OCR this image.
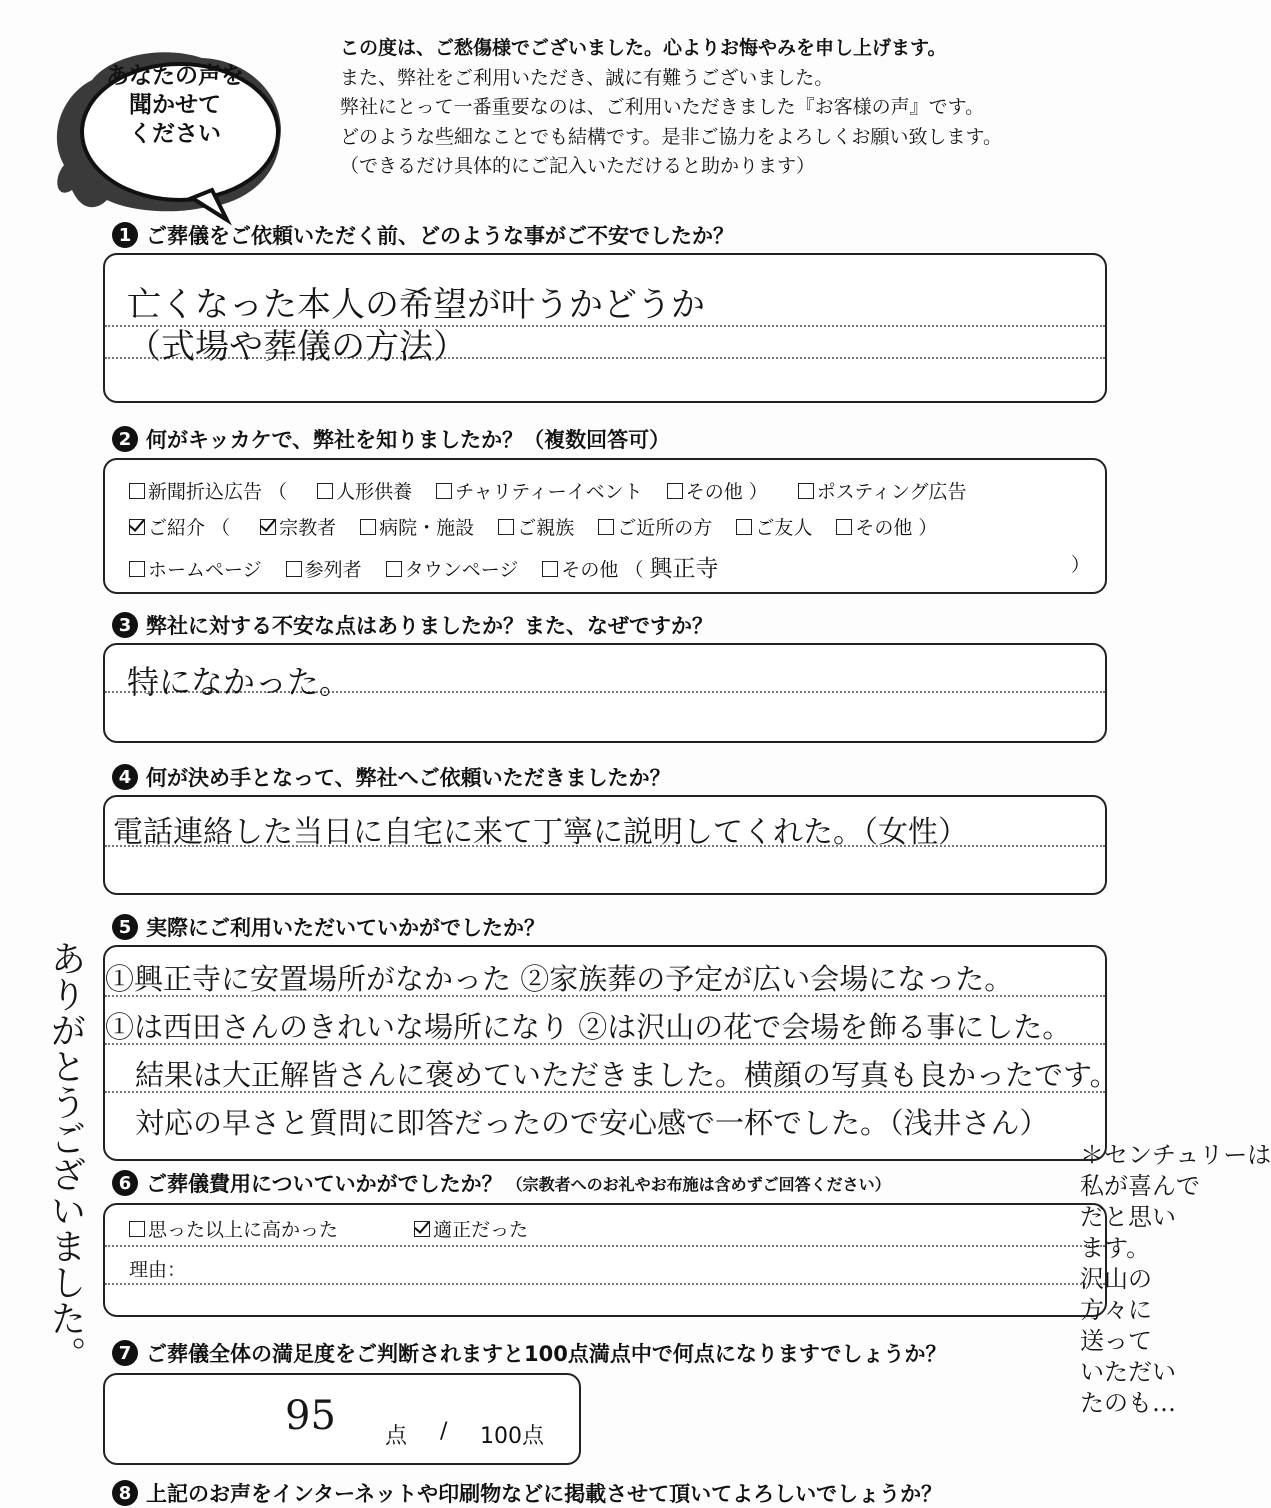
あなたの声を
聞かせて
ください
この度は、ご愁傷様でございました。心よりお悔やみを申し上げます。
また、弊社をご利用いただき、誠に有難うございました。
弊社にとって一番重要なのは、ご利用いただきました『お客様の声』です。
どのような些細なことでも結構です。是非ご協力をよろしくお願い致します。
（できるだけ具体的にご記入いただけると助かります）
1 ご葬儀をご依頼いただく前、どのような事がご不安でしたか？
亡くなった本人の希望が叶うかどうか
（式場や葬儀の方法）
2 何がキッカケで、弊社を知りましたか？（複数回答可）
新聞折込広告 （	人形供養 チャリティーイベント その他 ）	ポスティング広告
ご紹介 （	宗教者 病院・施設 ご親族 ご近所の方 ご友人 その他 ）
ホームページ 参列者 タウンページ その他 （ 興正寺	）
3 弊社に対する不安な点はありましたか？また、なぜですか？
特になかった。
4 何が決め手となって、弊社へご依頼いただきましたか？
電話連絡した当日に自宅に来て丁寧に説明してくれた。（女性）
5 実際にご利用いただいていかがでしたか？
①興正寺に安置場所がなかった ②家族葬の予定が広い会場になった。
①は西田さんのきれいな場所になり ②は沢山の花で会場を飾る事にした。
結果は大正解皆さんに褒めていただきました。横顔の写真も良かったです。
対応の早さと質問に即答だったので安心感で一杯でした。（浅井さん）
6 ご葬儀費用についていかがでしたか？ （宗教者へのお礼やお布施は含めずご回答ください）
思った以上に高かった	適正だった
理由：
7 ご葬儀全体の満足度をご判断されますと100点満点中で何点になりますでしょうか？
95 点 / 100点
8 上記のお声をインターネットや印刷物などに掲載させて頂いてよろしいでしょうか？
ありがとうございました。	＊センチュリーは
私が喜んで
だと思い
ます。
沢山の
方々に
送って
いただい
たのも…
